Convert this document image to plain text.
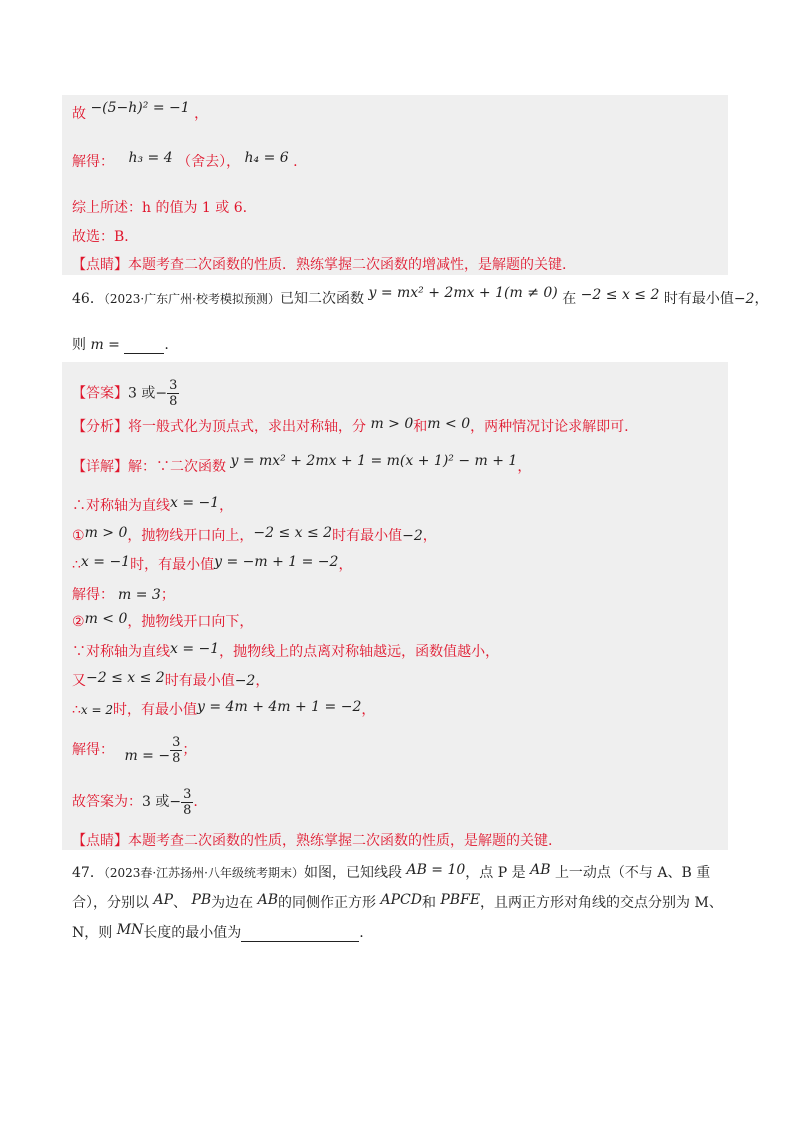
故 −(5−h)² = −1 ，
解得： h₃ = 4 （舍去）， h₄ = 6 .
综上所述：h 的值为 1 或 6.
故选：B．
【点睛】本题考查二次函数的性质．熟练掌握二次函数的增减性，是解题的关键.
46．（2023·广东广州·校考模拟预测）已知二次函数 y = mx² + 2mx + 1(m ≠ 0) 在 −2 ≤ x ≤ 2 时有最小值−2，
则 m =	.
【答案】3 或− $\frac{3}{8}$
【分析】将一般式化为顶点式，求出对称轴，分 m > 0和m < 0，两种情况讨论求解即可.
【详解】解：∵二次函数 y = mx² + 2mx + 1 = m(x + 1)² − m + 1，
∴对称轴为直线x = −1，
①m > 0，抛物线开口向上，−2 ≤ x ≤ 2时有最小值−2，
∴x = −1时，有最小值y = −m + 1 = −2，
解得： m = 3；
②m < 0，抛物线开口向下，
∵对称轴为直线x = −1，抛物线上的点离对称轴越远，函数值越小，
又−2 ≤ x ≤ 2时有最小值−2，
∴x = 2时，有最小值y = 4m + 4m + 1 = −2，
解得： m = − $\frac{3}{8}$ ；
故答案为：3 或− $\frac{3}{8}$ .
【点睛】本题考查二次函数的性质，熟练掌握二次函数的性质，是解题的关键.
47．（2023春·江苏扬州·八年级统考期末）如图，已知线段 AB = 10，点 P 是 AB 上一动点（不与 A、B 重
合），分别以 AP、 PB为边在 AB的同侧作正方形 APCD和 PBFE，且两正方形对角线的交点分别为 M、
N，则 MN长度的最小值为	.
